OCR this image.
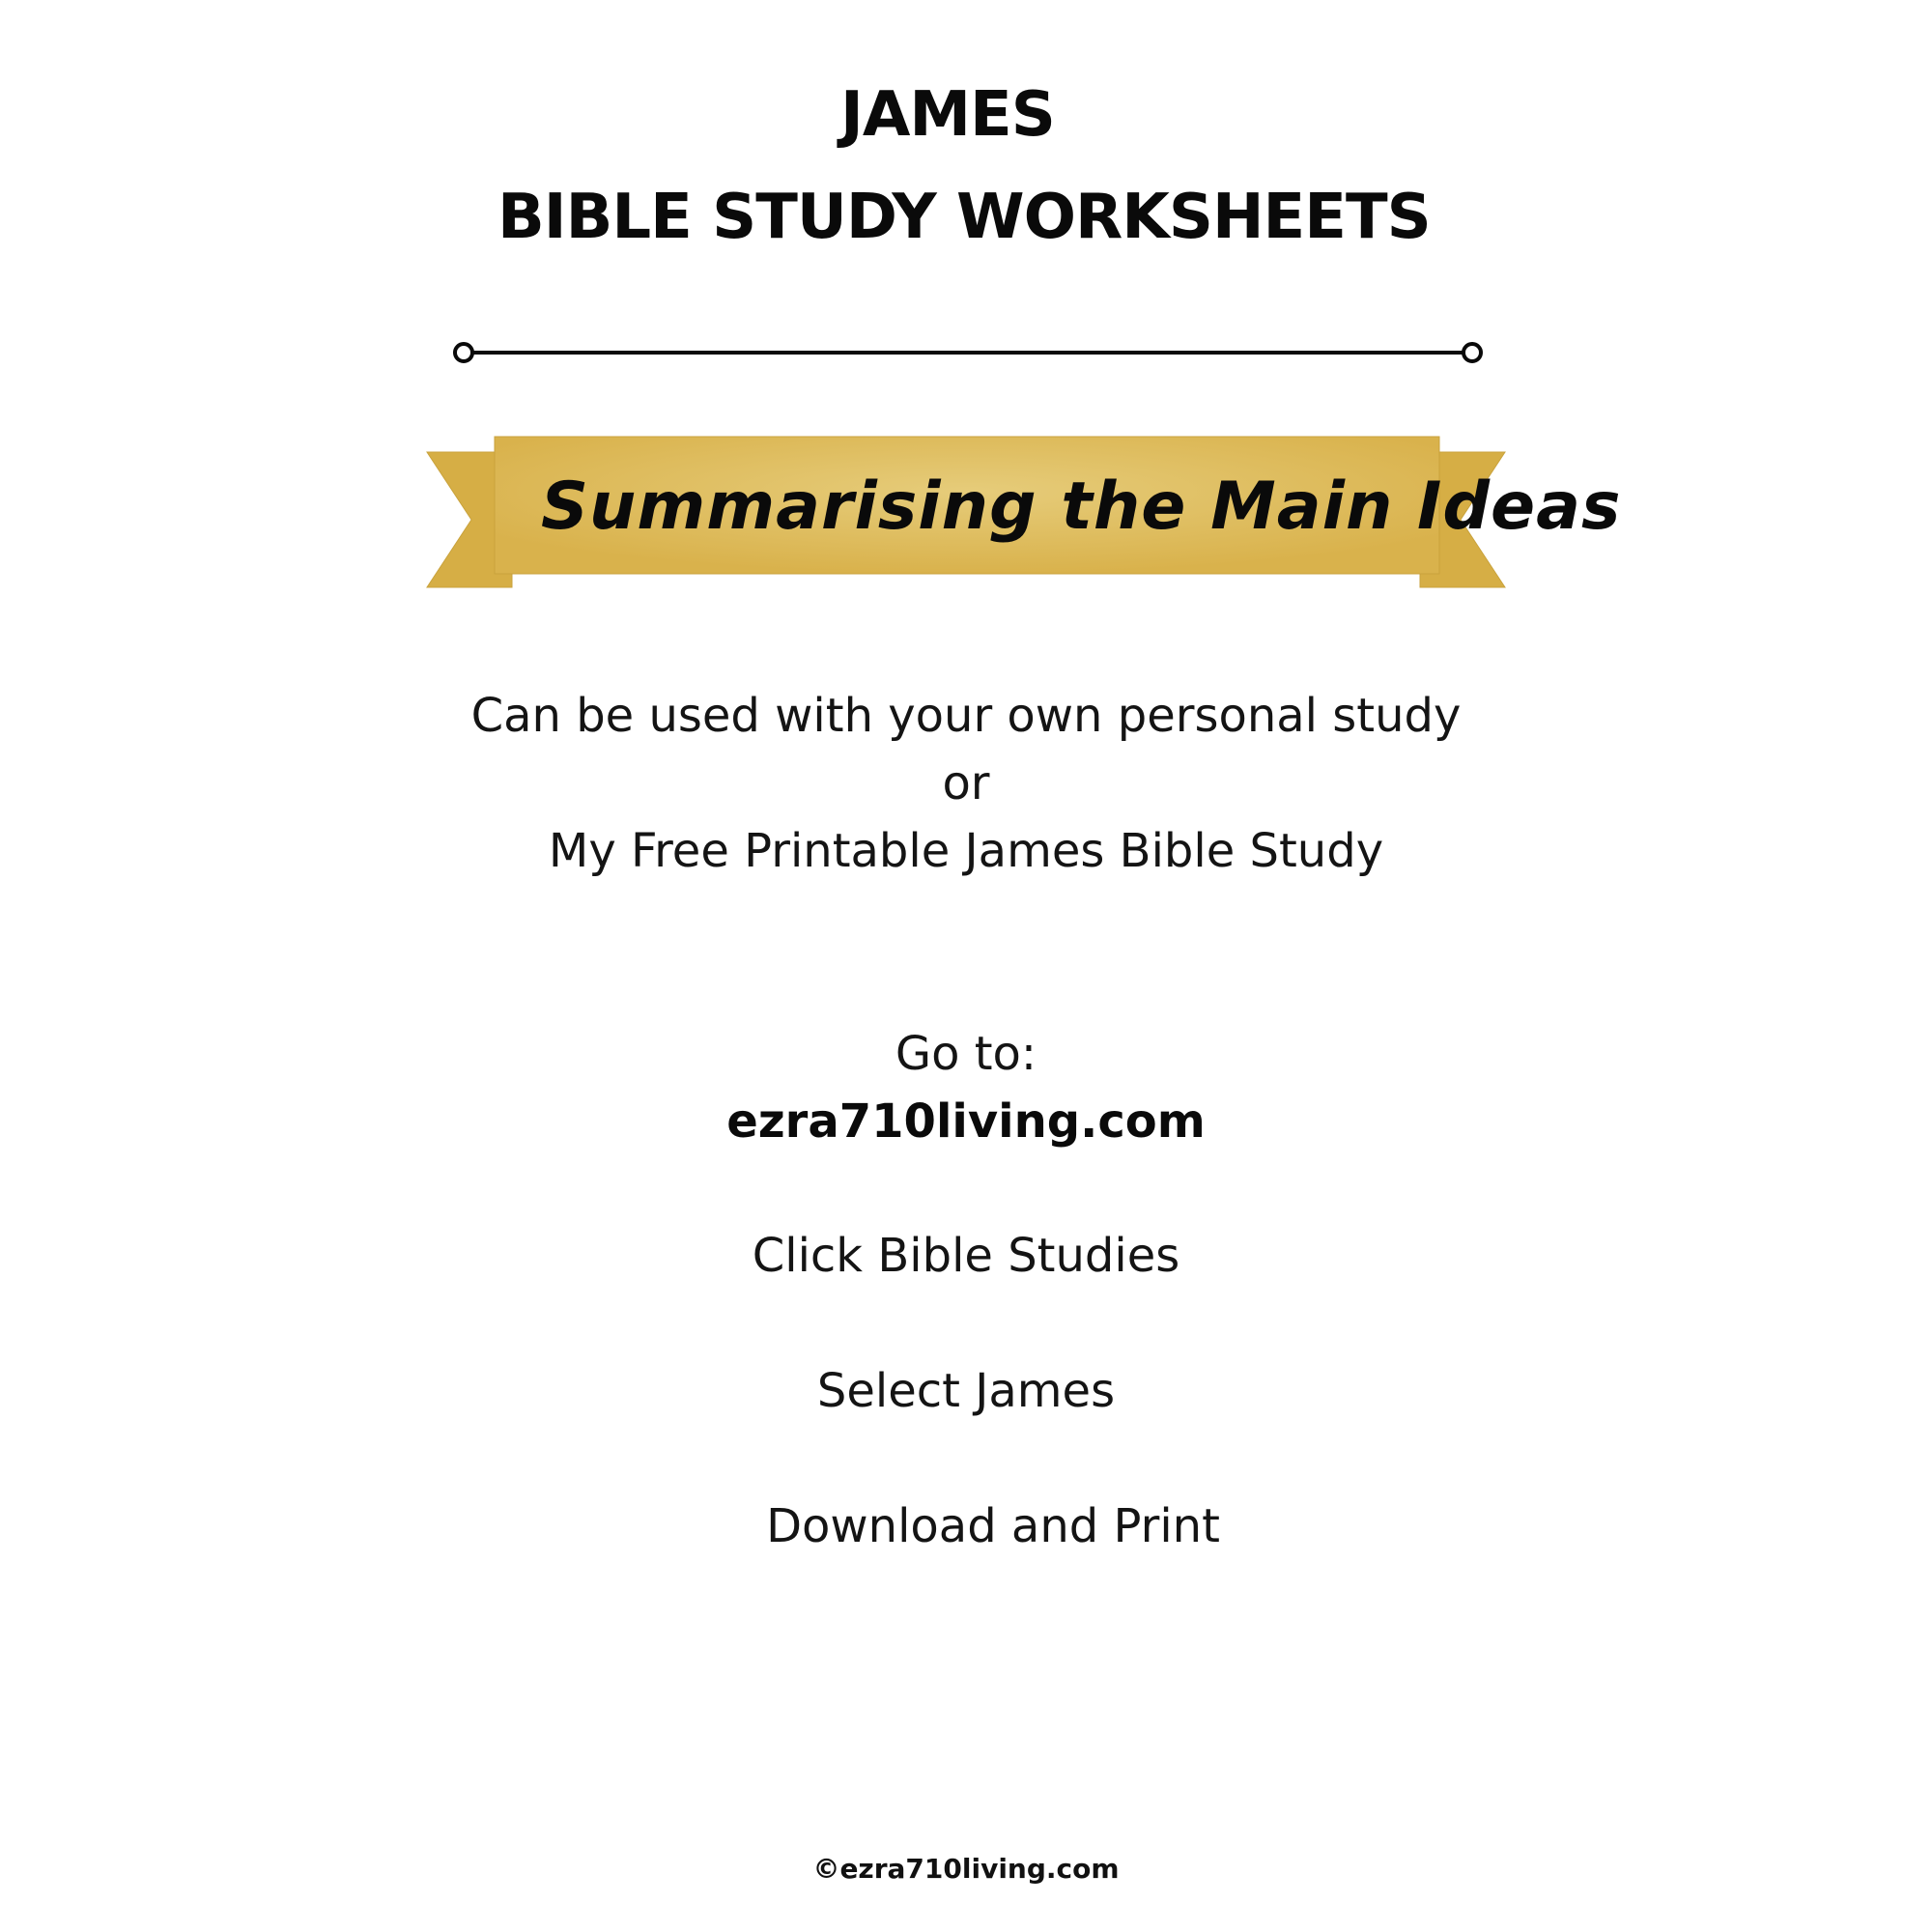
JAMES
BIBLE STUDY WORKSHEETS
Summarising the Main Ideas
Can be used with your own personal study
or
My Free Printable James Bible Study
Go to:
ezra710living.com
Click Bible Studies
Select James
Download and Print
©ezra710living.com
